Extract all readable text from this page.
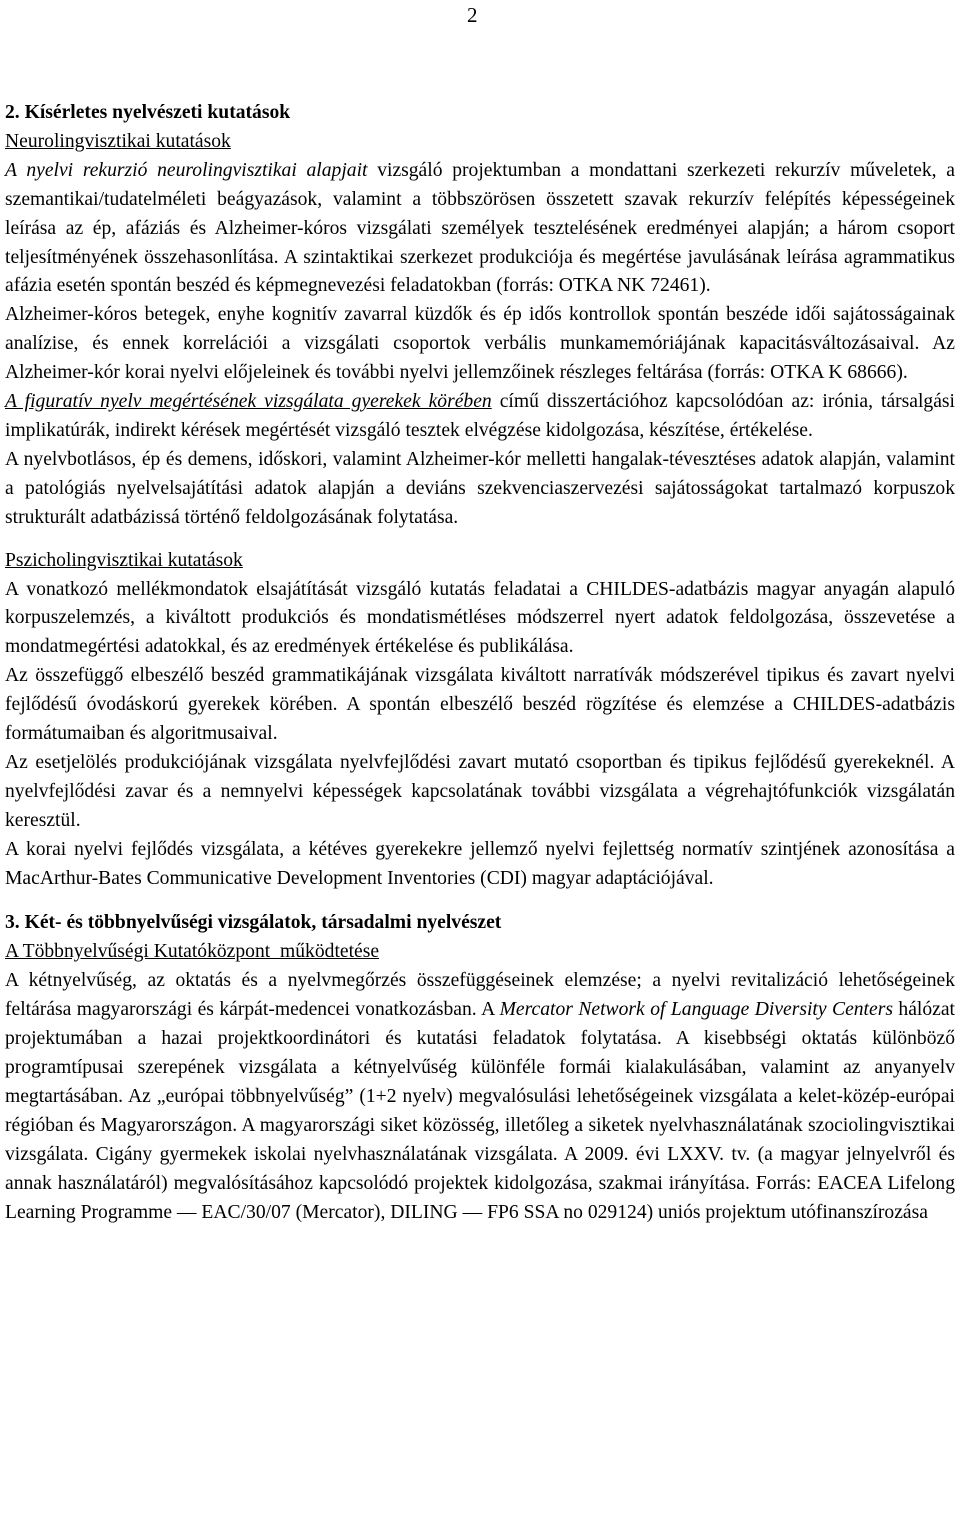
2

2. Kísérletes nyelvészeti kutatások

Neurolingvisztikai kutatások

A nyelvi rekurzió neurolingvisztikai alapjait vizsgáló projektumban a mondattani szerkezeti rekurzív műveletek, a szemantikai/tudatelméleti beágyazások, valamint a többszörösen összetett szavak rekurzív felépítés képességeinek leírása az ép, afáziás és Alzheimer-kóros vizsgálati személyek tesztelésének eredményei alapján; a három csoport teljesítményének összehasonlítása. A szintaktikai szerkezet produkciója és megértése javulásának leírása agrammatikus afázia esetén spontán beszéd és képmegnevezési feladatokban (forrás: OTKA NK 72461).

Alzheimer-kóros betegek, enyhe kognitív zavarral küzdők és ép idős kontrollok spontán beszéde idői sajátosságainak analízise, és ennek korrelációi a vizsgálati csoportok verbális munkamemóriájának kapacitásváltozásaival. Az Alzheimer-kór korai nyelvi előjeleinek és további nyelvi jellemzőinek részleges feltárása (forrás: OTKA K 68666).

A figuratív nyelv megértésének vizsgálata gyerekek körében című disszertációhoz kapcsolódóan az: irónia, társalgási implikatúrák, indirekt kérések megértését vizsgáló tesztek elvégzése kidolgozása, készítése, értékelése.

A nyelvbotlásos, ép és demens, időskori, valamint Alzheimer-kór melletti hangalak-tévesztéses adatok alapján, valamint a patológiás nyelvelsajátítási adatok alapján a deviáns szekvenciaszervezési sajátosságokat tartalmazó korpuszok strukturált adatbázissá történő feldolgozásának folytatása.

Pszicholingvisztikai kutatások

A vonatkozó mellékmondatok elsajátítását vizsgáló kutatás feladatai a CHILDES-adatbázis magyar anyagán alapuló korpuszelemzés, a kiváltott produkciós és mondatismétléses módszerrel nyert adatok feldolgozása, összevetése a mondatmegértési adatokkal, és az eredmények értékelése és publikálása.

Az összefüggő elbeszélő beszéd grammatikájának vizsgálata kiváltott narratívák módszerével tipikus és zavart nyelvi fejlődésű óvodáskorú gyerekek körében. A spontán elbeszélő beszéd rögzítése és elemzése a CHILDES-adatbázis formátumaiban és algoritmusaival.

Az esetjelölés produkciójának vizsgálata nyelvfejlődési zavart mutató csoportban és tipikus fejlődésű gyerekeknél. A nyelvfejlődési zavar és a nemnyelvi képességek kapcsolatának további vizsgálata a végrehajtófunkciók vizsgálatán keresztül.

A korai nyelvi fejlődés vizsgálata, a kétéves gyerekekre jellemző nyelvi fejlettség normatív szintjének azonosítása a MacArthur-Bates Communicative Development Inventories (CDI) magyar adaptációjával.

3. Két- és többnyelvűségi vizsgálatok, társadalmi nyelvészet

A Többnyelvűségi Kutatóközpont  működtetése

A kétnyelvűség, az oktatás és a nyelvmegőrzés összefüggéseinek elemzése; a nyelvi revitalizáció lehetőségeinek feltárása magyarországi és kárpát-medencei vonatkozásban. A Mercator Network of Language Diversity Centers hálózat projektumában a hazai projektkoordinátori és kutatási feladatok folytatása. A kisebbségi oktatás különböző programtípusai szerepének vizsgálata a kétnyelvűség különféle formái kialakulásában, valamint az anyanyelv megtartásában. Az „európai többnyelvűség” (1+2 nyelv) megvalósulási lehetőségeinek vizsgálata a kelet-közép-európai régióban és Magyarországon. A magyarországi siket közösség, illetőleg a siketek nyelvhasználatának szociolingvisztikai vizsgálata. Cigány gyermekek iskolai nyelvhasználatának vizsgálata. A 2009. évi LXXV. tv. (a magyar jelnyelvről és annak használatáról) megvalósításához kapcsolódó projektek kidolgozása, szakmai irányítása. Forrás: EACEA Lifelong Learning Programme — EAC/30/07 (Mercator), DILING — FP6 SSA no 029124) uniós projektum utófinanszírozása
